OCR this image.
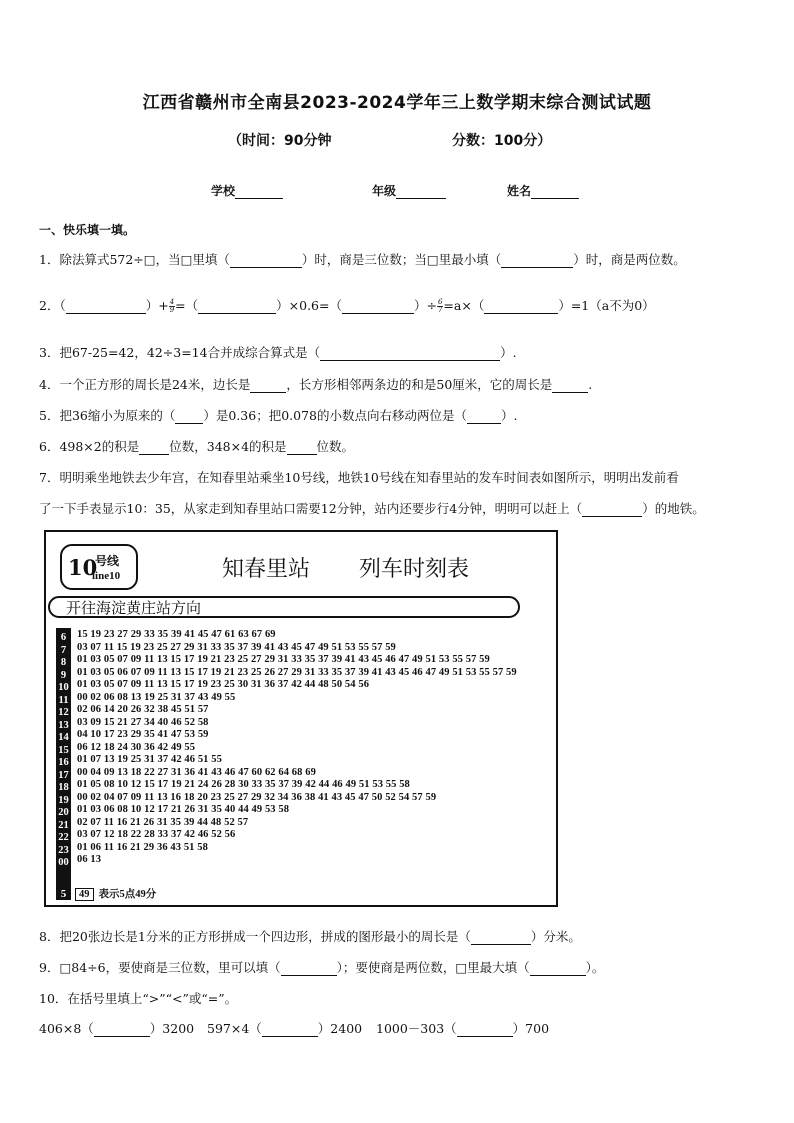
江西省赣州市全南县2023-2024学年三上数学期末综合测试试题
（时间：90分钟	分数：100分）
学校	年级	姓名
一、快乐填一填。
1．除法算式572÷□，当□里填（	）时，商是三位数；当□里最小填（	）时，商是两位数。
2．（	）+ $\frac{4}{9}$ =（	）×0.6=（	）÷ $\frac{6}{7} =a\times$（	）=1（a不为0）
3．把67-25=42，42÷3=14合并成综合算式是（	）.
4．一个正方形的周长是24米，边长是	，长方形相邻两条边的和是50厘米，它的周长是	.
5．把36缩小为原来的（ ）是0.36；把0.078的小数点向右移动两位是（	）.
6．498×2的积是 位数，348×4的积是 位数。
7．明明乘坐地铁去少年宫，在知春里站乘坐10号线，地铁10号线在知春里站的发车时间表如图所示，明明出发前看
了一下手表显示10：35，从家走到知春里站口需要12分钟，站内还要步行4分钟，明明可以赶上（	）的地铁。
10
号线
line10	知春里站 列车时刻表
开往海淀黄庄站方向
6 15 19 23 27 29 33 35 39 41 45 47 61 63 67 69
7 03 07 11 15 19 23 25 27 29 31 33 35 37 39 41 43 45 47 49 51 53 55 57 59
8 01 03 05 07 09 11 13 15 17 19 21 23 25 27 29 31 33 35 37 39 41 43 45 46 47 49 51 53 55 57 59
9 01 03 05 06 07 09 11 13 15 17 19 21 23 25 26 27 29 31 33 35 37 39 41 43 45 46 47 49 51 53 55 57 59
10 01 03 05 07 09 11 13 15 17 19 23 25 30 31 36 37 42 44 48 50 54 56
11 00 02 06 08 13 19 25 31 37 43 49 55
12 02 06 14 20 26 32 38 45 51 57
13 03 09 15 21 27 34 40 46 52 58
14 04 10 17 23 29 35 41 47 53 59
15 06 12 18 24 30 36 42 49 55
16 01 07 13 19 25 31 37 42 46 51 55
17 00 04 09 13 18 22 27 31 36 41 43 46 47 60 62 64 68 69
18 01 05 08 10 12 15 17 19 21 24 26 28 30 33 35 37 39 42 44 46 49 51 53 55 58
19 00 02 04 07 09 11 13 16 18 20 23 25 27 29 32 34 36 38 41 43 45 47 50 52 54 57 59
20 01 03 06 08 10 12 17 21 26 31 35 40 44 49 53 58
21 02 07 11 16 21 26 31 35 39 44 48 52 57
22 03 07 12 18 22 28 33 37 42 46 52 56
23 01 06 11 16 21 29 36 43 51 58
00 06 13
5 49 表示5点49分
8．把20张边长是1分米的正方形拼成一个四边形，拼成的图形最小的周长是（	）分米。
9．□84÷6，要使商是三位数，里可以填（	）；要使商是两位数，□里最大填（	）。
10．在括号里填上“>”“<”或“=”。
406×8（	）3200 597×4（	）2400 1000－303（	）700
